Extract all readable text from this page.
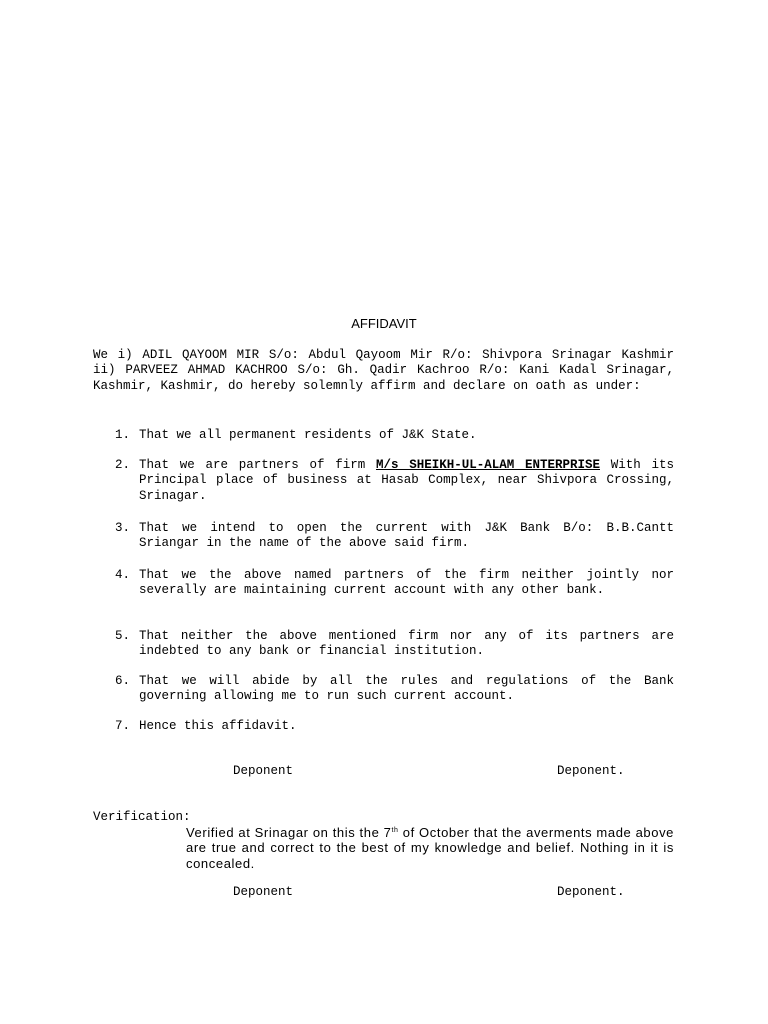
AFFIDAVIT
We i) ADIL QAYOOM MIR S/o: Abdul Qayoom Mir R/o: Shivpora Srinagar Kashmir ii) PARVEEZ AHMAD KACHROO S/o: Gh. Qadir Kachroo R/o: Kani Kadal Srinagar, Kashmir, Kashmir, do hereby solemnly affirm and declare on oath as under:
1. That we all permanent residents of J&K State.
2. That we are partners of firm M/s SHEIKH-UL-ALAM ENTERPRISE With its Principal place of business at Hasab Complex, near Shivpora Crossing, Srinagar.
3. That we intend to open the current with J&K Bank B/o: B.B.Cantt Sriangar in the name of the above said firm.
4. That we the above named partners of the firm neither jointly nor severally are maintaining current account with any other bank.
5. That neither the above mentioned firm nor any of its partners are indebted to any bank or financial institution.
6. That we will abide by all the rules and regulations of the Bank governing allowing me to run such current account.
7. Hence this affidavit.
Deponent	Deponent.
Verification:
Verified at Srinagar on this the 7th of October that the averments made above are true and correct to the best of my knowledge and belief. Nothing in it is concealed.
Deponent	Deponent.
